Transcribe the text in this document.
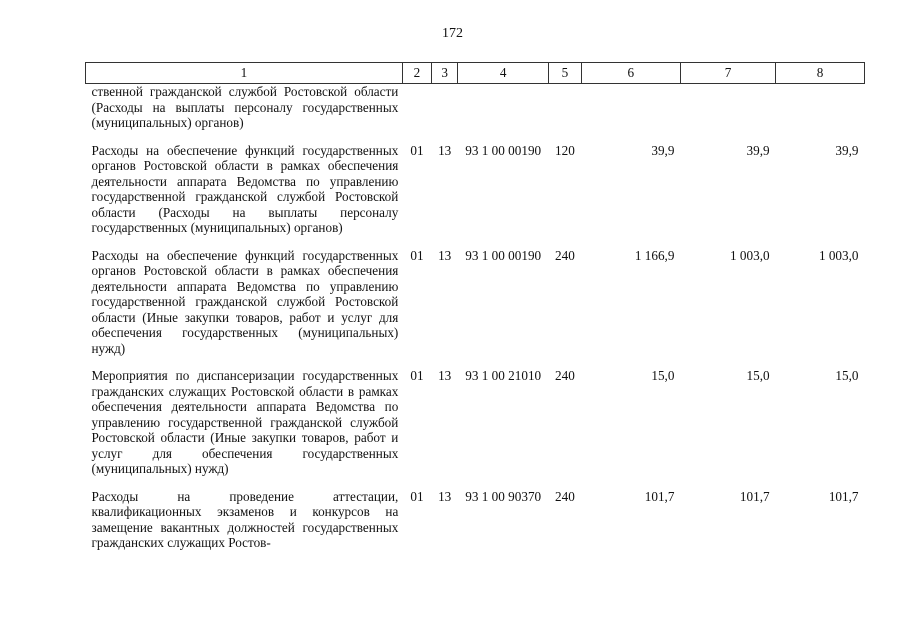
172
1	2	3	4	5	6	7	8
ственной гражданской службой Ростовской области (Расходы на выплаты персоналу государственных (муниципальных) органов)							
Расходы на обеспечение функций государственных органов Ростовской области в рамках обеспечения деятельности аппарата Ведомства по управлению государственной гражданской службой Ростовской области (Расходы на выплаты персоналу государственных (муниципальных) органов)	01	13	93 1 00 00190	120	39,9	39,9	39,9
Расходы на обеспечение функций государственных органов Ростовской области в рамках обеспечения деятельности аппарата Ведомства по управлению государственной гражданской службой Ростовской области (Иные закупки товаров, работ и услуг для обеспечения государственных (муниципальных) нужд)	01	13	93 1 00 00190	240	1 166,9	1 003,0	1 003,0
Мероприятия по диспансеризации государственных гражданских служащих Ростовской области в рамках обеспечения деятельности аппарата Ведомства по управлению государственной гражданской службой Ростовской области (Иные закупки товаров, работ и услуг для обеспечения государственных (муниципальных) нужд)	01	13	93 1 00 21010	240	15,0	15,0	15,0
Расходы на проведение аттестации, квалификационных экзаменов и конкурсов на замещение вакантных должностей государственных гражданских служащих Ростов-	01	13	93 1 00 90370	240	101,7	101,7	101,7
